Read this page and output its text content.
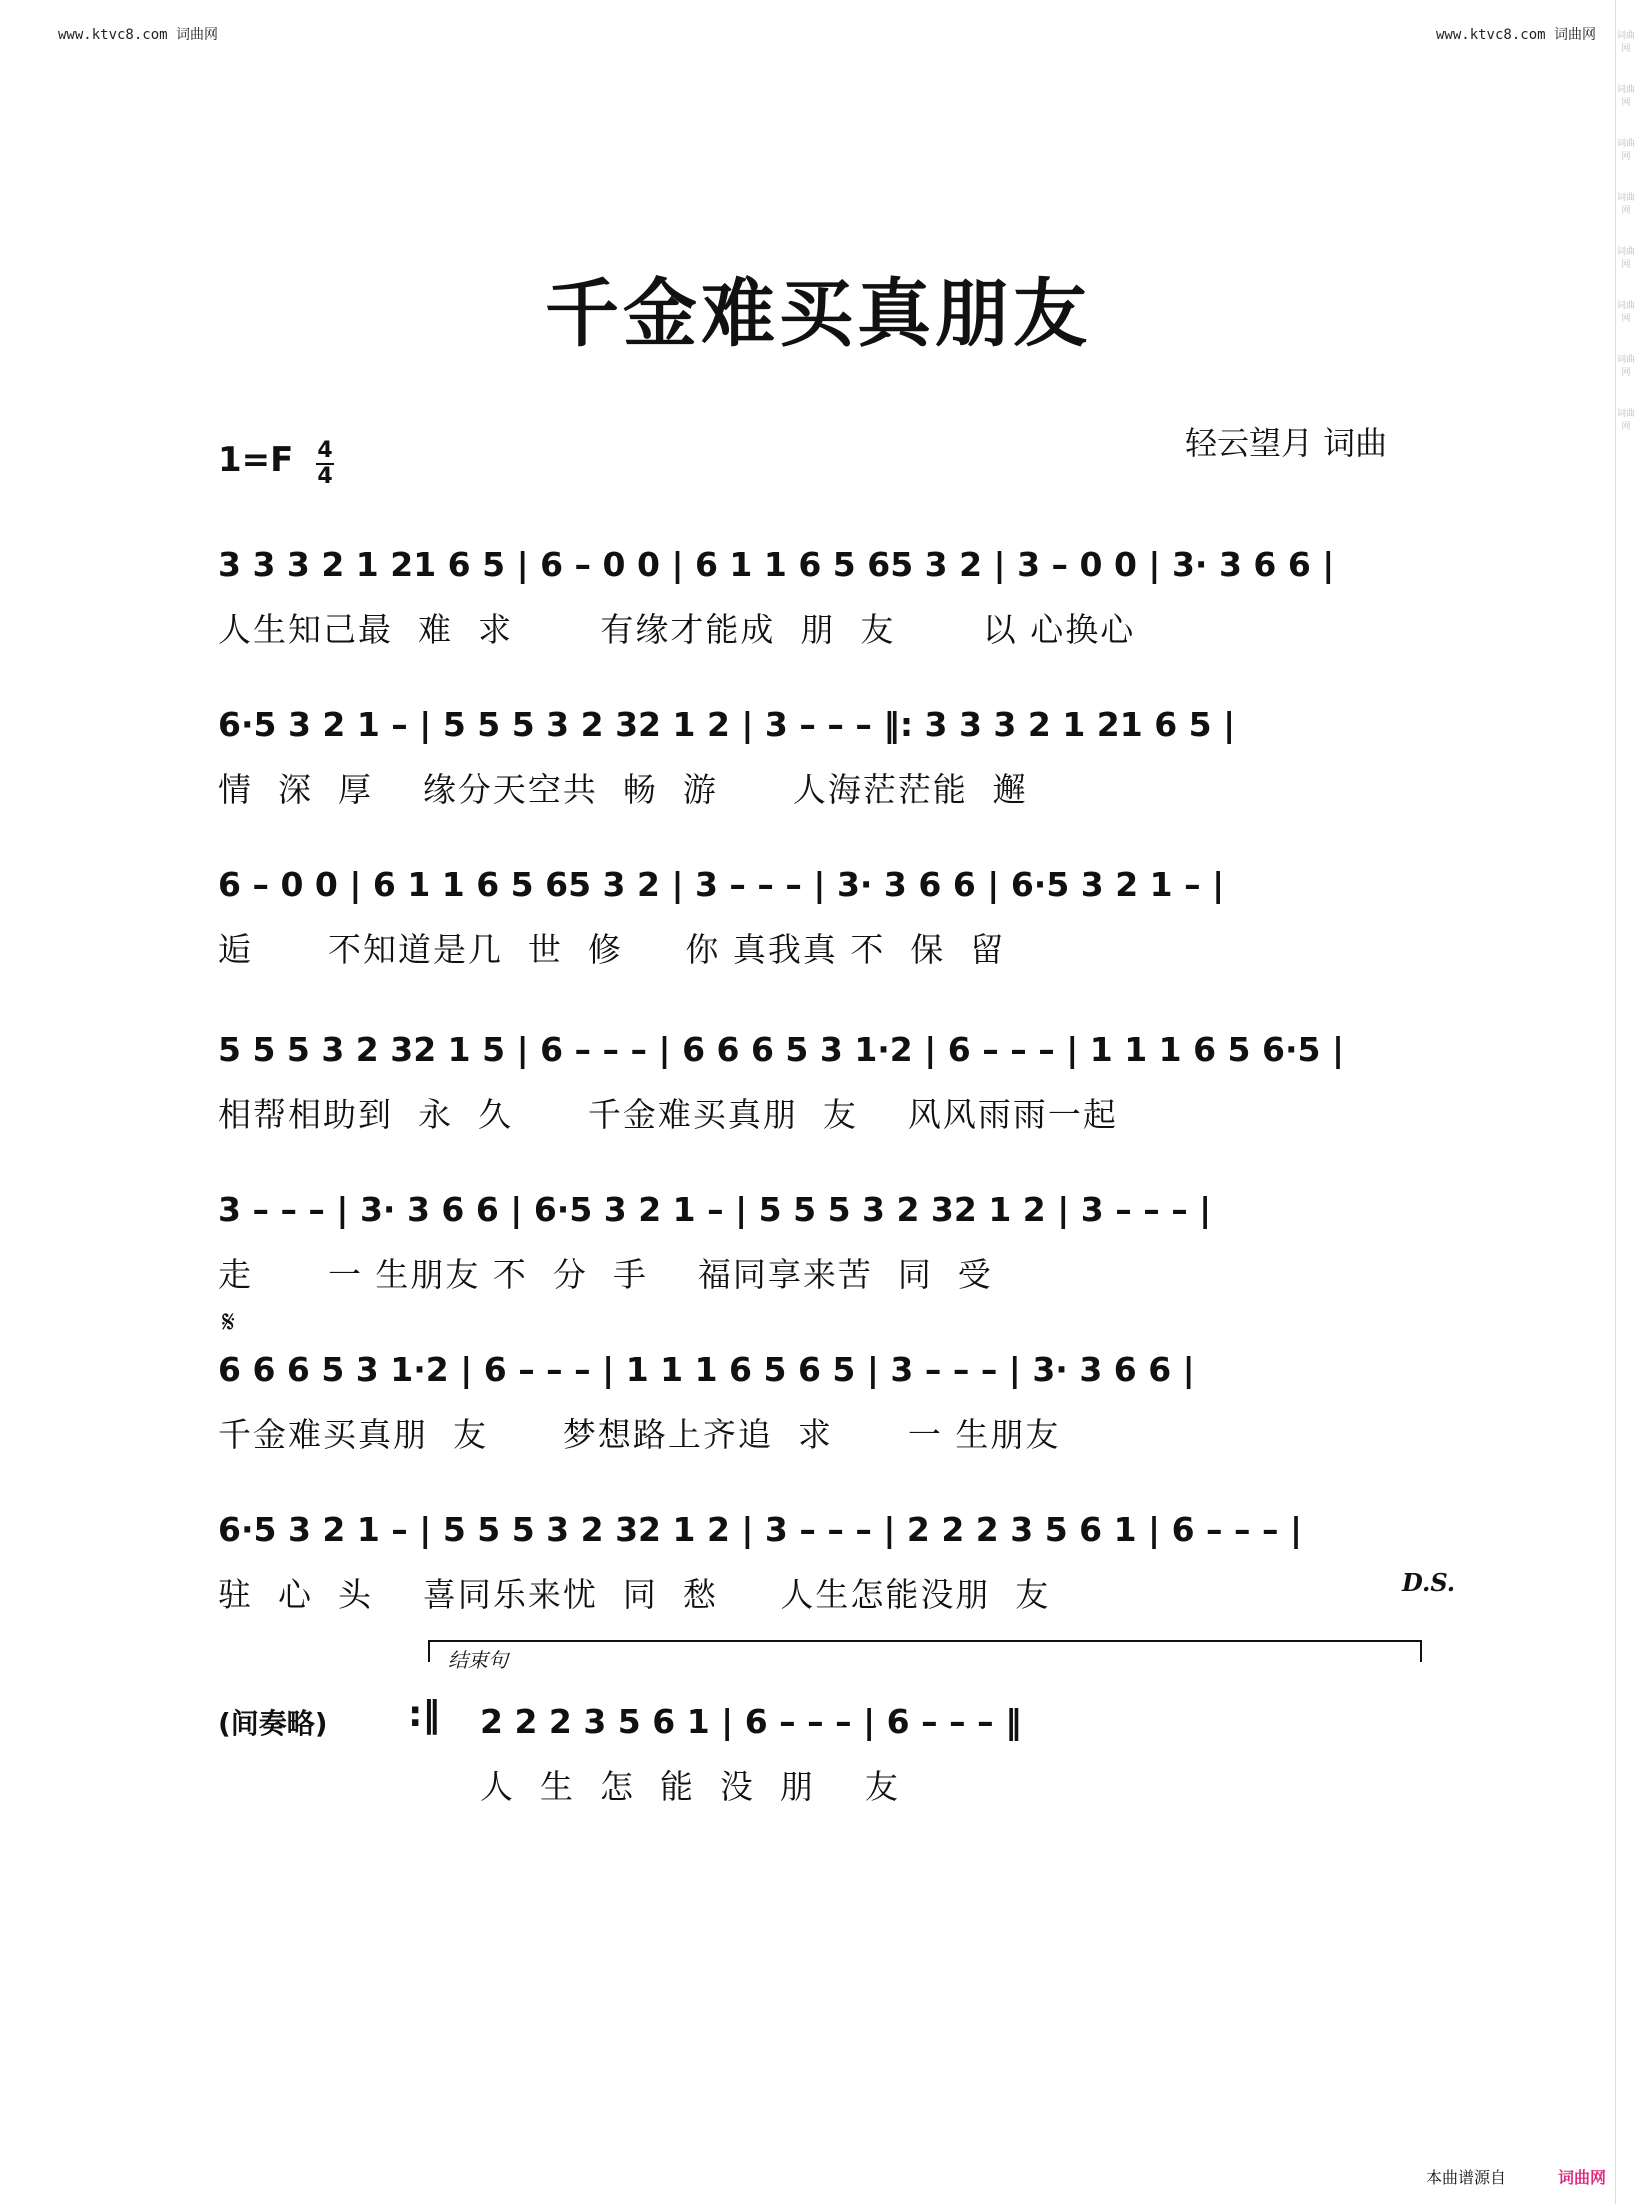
www.ktvc8.com 词曲网	www.ktvc8.com 词曲网
千金难买真朋友
轻云望月 词曲
1=F 4
4
3 3 3 2 1 21 6 5 | 6 – 0 0 | 6 1 1 6 5 65 3 2 | 3 – 0 0 | 3· 3 6 6 |
人生知己最  难  求       有缘才能成  朋  友       以 心换心
6·5 3 2 1 – | 5 5 5 3 2 32 1 2 | 3 – – – ‖: 3 3 3 2 1 21 6 5 |
情  深  厚    缘分天空共  畅  游      人海茫茫能  邂
6 – 0 0 | 6 1 1 6 5 65 3 2 | 3 – – – | 3· 3 6 6 | 6·5 3 2 1 – |
逅      不知道是几  世  修     你 真我真 不  保  留
5 5 5 3 2 32 1 5 | 6 – – – | 6 6 6 5 3 1·2 | 6 – – – | 1 1 1 6 5 6·5 |
相帮相助到  永  久      千金难买真朋  友    风风雨雨一起
3 – – – | 3· 3 6 6 | 6·5 3 2 1 – | 5 5 5 3 2 32 1 2 | 3 – – – |
走      一 生朋友 不  分  手    福同享来苦  同  受
𝄋
6 6 6 5 3 1·2 | 6 – – – | 1 1 1 6 5 6 5 | 3 – – – | 3· 3 6 6 |
千金难买真朋  友      梦想路上齐追  求      一 生朋友
6·5 3 2 1 – | 5 5 5 3 2 32 1 2 | 3 – – – | 2 2 2 3 5 6 1 | 6 – – – |
驻  心  头    喜同乐来忧  同  愁     人生怎能没朋  友	D.S.
结束句
(间奏略) :‖ 2 2 2 3 5 6 1 | 6 – – – | 6 – – – ‖
人  生  怎  能  没  朋    友
词曲网
词曲网
词曲网
词曲网
词曲网
词曲网
词曲网
词曲网
本曲谱源自	词曲网
